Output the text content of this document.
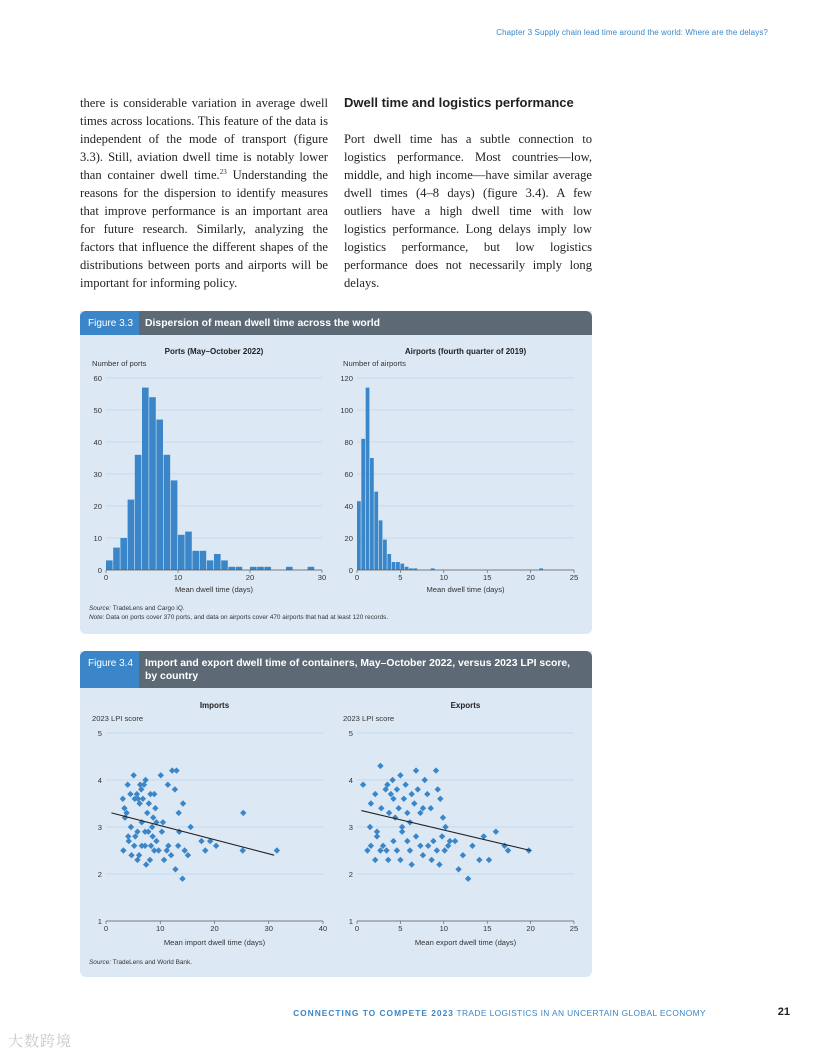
Chapter 3 Supply chain lead time around the world: Where are the delays?

there is considerable variation in average dwell times across locations. This feature of the data is independent of the mode of transport (figure 3.3). Still, aviation dwell time is notably lower than container dwell time.$^{23}$ Understanding the reasons for the dispersion to identify measures that improve performance is an important area for future research. Similarly, analyzing the factors that influence the different shapes of the distributions between ports and airports will be important for informing policy.

Dwell time and logistics performance

Port dwell time has a subtle connection to logistics performance. Most countries—low, middle, and high income—have similar average dwell times (4–8 days) (figure 3.4). A few outliers have a high dwell time with low logistics performance. Long delays imply low logistics performance, but low logistics performance does not necessarily imply long delays.

Figure 3.3	Dispersion of mean dwell time across the world
Ports (May–October 2022)
Number of ports
0
10
20
30
40
50
60
0	10	20	30
Mean dwell time (days)
Airports (fourth quarter of 2019)
Number of airports
0
20
40
60
80
100
120
0	5	10	15	20	25
Mean dwell time (days)
Source: TradeLens and Cargo iQ.
Note: Data on ports cover 370 ports, and data on airports cover 470 airports that had at least 120 records.
Figure 3.4	Import and export dwell time of containers, May–October 2022, versus 2023 LPI score, by country
Imports
2023 LPI score
1
2
3
4
5
0	10	20	30	40
Mean import dwell time (days)
Exports
2023 LPI score
1
2
3
4
5
0	5	10	15	20	25
Mean export dwell time (days)
Source: TradeLens and World Bank.
CONNECTING TO COMPETE 2023 TRADE LOGISTICS IN AN UNCERTAIN GLOBAL ECONOMY	21
大数跨境
